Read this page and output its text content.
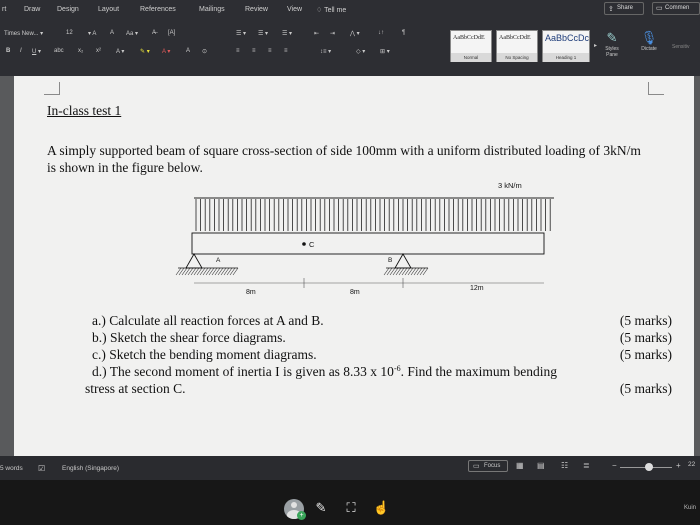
rt	Draw Design	Layout	References	Mailings	Review	View ♢ Tell me	⇪ Share	▭ Commen
Times New... ▾	12	▾ A A Aa ▾ A̶ [A]
B I U ▾ abc x₂ x²	A ▾	✎ ▾ A ▾	A ⊙
☰ ▾ ☰ ▾ ☰ ▾	⇤ ⇥ ⋀ ▾	↓↑	¶
≡ ≡ ≡ ≡	↕≡ ▾	◇ ▾ ⊞ ▾
AaBbCcDdE
Normal
AaBbCcDdE
No Spacing
AaBbCcDc
Heading 1
▸
✎
Styles Pane
🎙
Dictate	Sensitiv
In-class test 1
A simply supported beam of square cross-section of side 100mm with a uniform distributed loading of 3kN/m is shown in the figure below.
3 kN/m
C
A	B
8m	8m
12m
a.) Calculate all reaction forces at A and B.	(5 marks)
b.) Sketch the shear force diagrams.	(5 marks)
c.) Sketch the bending moment diagrams.	(5 marks)
d.) The second moment of inertia I is given as 8.33 x $10^{-6}$. Find the maximum bending
stress at section C.	(5 marks)
5 words ☑	English (Singapore)	▭ Focus	▦ ▤ ☷ ≣	−	+ 22
+
✎ ⛶ ☝	Kuin
